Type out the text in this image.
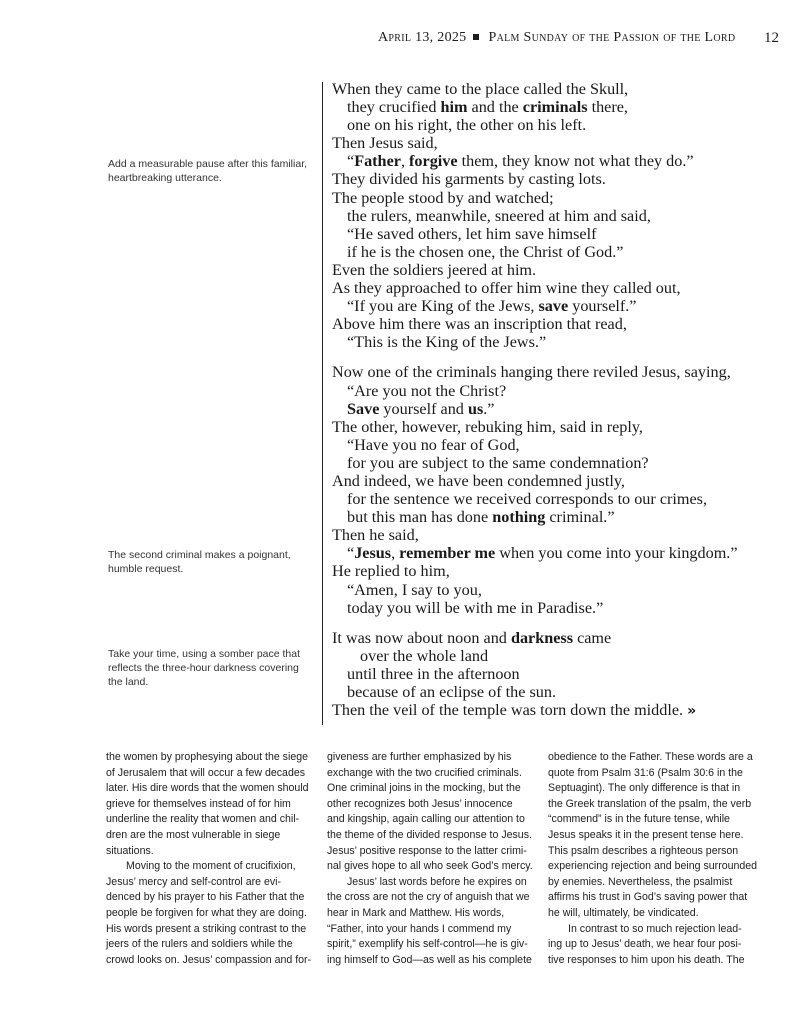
April 13, 2025 Palm Sunday of the Passion of the Lord 12
Add a measurable pause after this familiar,
heartbreaking utterance.
The second criminal makes a poignant,
humble request.
Take your time, using a somber pace that
reflects the three-hour darkness covering
the land.
When they came to the place called the Skull,
they crucified him and the criminals there,
one on his right, the other on his left.
Then Jesus said,
“Father, forgive them, they know not what they do.”
They divided his garments by casting lots.
The people stood by and watched;
the rulers, meanwhile, sneered at him and said,
“He saved others, let him save himself
if he is the chosen one, the Christ of God.”
Even the soldiers jeered at him.
As they approached to offer him wine they called out,
“If you are King of the Jews, save yourself.”
Above him there was an inscription that read,
“This is the King of the Jews.”
Now one of the criminals hanging there reviled Jesus, saying,
“Are you not the Christ?
Save yourself and us.”
The other, however, rebuking him, said in reply,
“Have you no fear of God,
for you are subject to the same condemnation?
And indeed, we have been condemned justly,
for the sentence we received corresponds to our crimes,
but this man has done nothing criminal.”
Then he said,
“Jesus, remember me when you come into your kingdom.”
He replied to him,
“Amen, I say to you,
today you will be with me in Paradise.”
It was now about noon and darkness came
over the whole land
until three in the afternoon
because of an eclipse of the sun.
Then the veil of the temple was torn down the middle. »
the women by prophesying about the siege
of Jerusalem that will occur a few decades
later. His dire words that the women should
grieve for themselves instead of for him
underline the reality that women and chil-
dren are the most vulnerable in siege
situations.
Moving to the moment of crucifixion,
Jesus’ mercy and self-control are evi-
denced by his prayer to his Father that the
people be forgiven for what they are doing.
His words present a striking contrast to the
jeers of the rulers and soldiers while the
crowd looks on. Jesus’ compassion and for-
giveness are further emphasized by his
exchange with the two crucified criminals.
One criminal joins in the mocking, but the
other recognizes both Jesus’ innocence
and kingship, again calling our attention to
the theme of the divided response to Jesus.
Jesus’ positive response to the latter crimi-
nal gives hope to all who seek God’s mercy.
Jesus’ last words before he expires on
the cross are not the cry of anguish that we
hear in Mark and Matthew. His words,
“Father, into your hands I commend my
spirit,” exemplify his self-control—he is giv-
ing himself to God—as well as his complete
obedience to the Father. These words are a
quote from Psalm 31:6 (Psalm 30:6 in the
Septuagint). The only difference is that in
the Greek translation of the psalm, the verb
“commend” is in the future tense, while
Jesus speaks it in the present tense here.
This psalm describes a righteous person
experiencing rejection and being surrounded
by enemies. Nevertheless, the psalmist
affirms his trust in God’s saving power that
he will, ultimately, be vindicated.
In contrast to so much rejection lead-
ing up to Jesus’ death, we hear four posi-
tive responses to him upon his death. The
